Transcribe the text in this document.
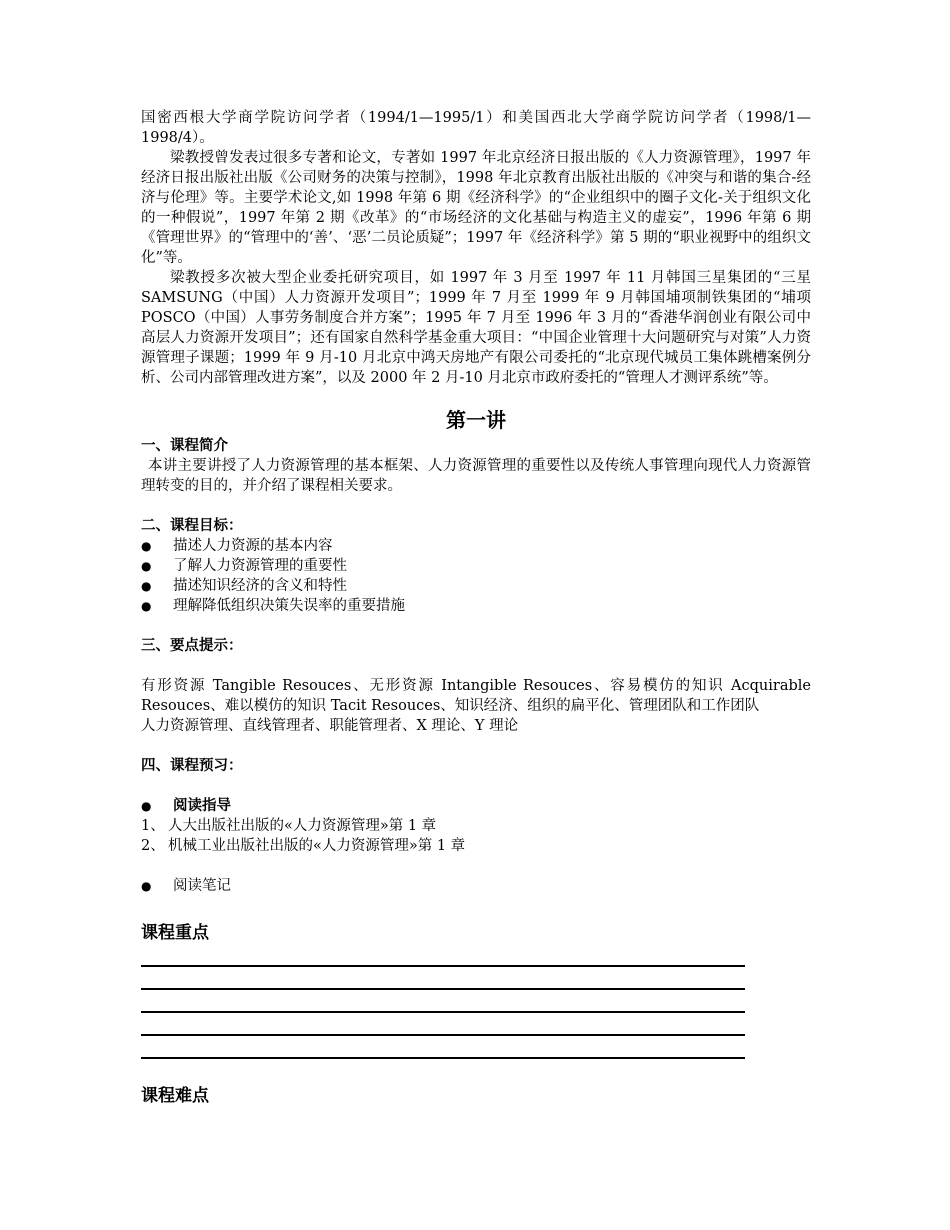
国密西根大学商学院访问学者（1994/1—1995/1）和美国西北大学商学院访问学者（1998/1—1998/4）。

梁教授曾发表过很多专著和论文，专著如 1997 年北京经济日报出版的《人力资源管理》，1997 年经济日报出版社出版《公司财务的决策与控制》，1998 年北京教育出版社出版的《冲突与和谐的集合-经济与伦理》等。主要学术论文,如 1998 年第 6 期《经济科学》的“企业组织中的圈子文化-关于组织文化的一种假说”，1997 年第 2 期《改革》的“市场经济的文化基础与构造主义的虚妄”，1996 年第 6 期《管理世界》的“管理中的‘善’、‘恶’二员论质疑”；1997 年《经济科学》第 5 期的“职业视野中的组织文化”等。

梁教授多次被大型企业委托研究项目，如 1997 年 3 月至 1997 年 11 月韩国三星集团的“三星 SAMSUNG（中国）人力资源开发项目”；1999 年 7 月至 1999 年 9 月韩国埔项制铁集团的“埔项 POSCO（中国）人事劳务制度合并方案”；1995 年 7 月至 1996 年 3 月的“香港华润创业有限公司中高层人力资源开发项目”；还有国家自然科学基金重大项目：“中国企业管理十大问题研究与对策”人力资源管理子课题；1999 年 9 月-10 月北京中鸿天房地产有限公司委托的“北京现代城员工集体跳槽案例分析、公司内部管理改进方案”，以及 2000 年 2 月-10 月北京市政府委托的“管理人才测评系统”等。

第一讲

一、课程简介

本讲主要讲授了人力资源管理的基本框架、人力资源管理的重要性以及传统人事管理向现代人力资源管理转变的目的，并介绍了课程相关要求。

二、课程目标：

●	描述人力资源的基本内容
●	了解人力资源管理的重要性
●	描述知识经济的含义和特性
●	理解降低组织决策失误率的重要措施

三、要点提示：

有形资源 Tangible Resouces、无形资源 Intangible Resouces、容易模仿的知识 Acquirable Resouces、难以模仿的知识 Tacit Resouces、知识经济、组织的扁平化、管理团队和工作团队

人力资源管理、直线管理者、职能管理者、X 理论、Y 理论

四、课程预习：

●	阅读指导
1、 人大出版社出版的«人力资源管理»第 1 章
2、 机械工业出版社出版的«人力资源管理»第 1 章
●	阅读笔记

课程重点

课程难点
